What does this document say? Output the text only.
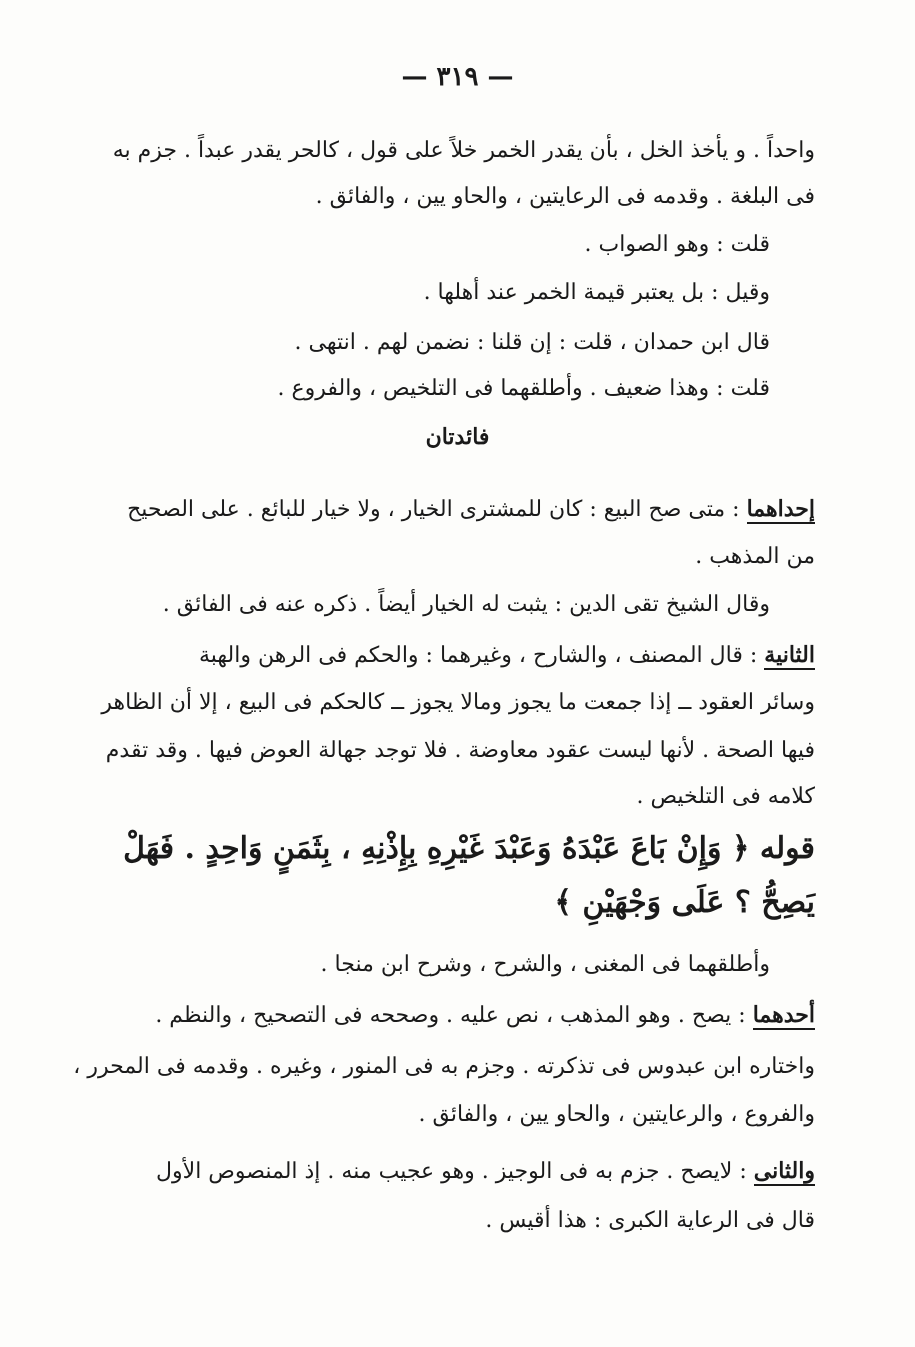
— ٣١٩ —
واحداً . و يأخذ الخل ، بأن يقدر الخمر خلاً على قول ، كالحر يقدر عبداً . جزم به
فى البلغة . وقدمه فى الرعايتين ، والحاو يين ، والفائق .
قلت : وهو الصواب .
وقيل : بل يعتبر قيمة الخمر عند أهلها .
قال ابن حمدان ، قلت : إن قلنا : نضمن لهم . انتهى .
قلت : وهذا ضعيف . وأطلقهما فى التلخيص ، والفروع .
فائدتان
إحداهما : متى صح البيع : كان للمشترى الخيار ، ولا خيار للبائع . على الصحيح
من المذهب .
وقال الشيخ تقى الدين : يثبت له الخيار أيضاً . ذكره عنه فى الفائق .
الثانية : قال المصنف ، والشارح ، وغيرهما : والحكم فى الرهن والهبة
وسائر العقود ــ إذا جمعت ما يجوز ومالا يجوز ــ كالحكم فى البيع ، إلا أن الظاهر
فيها الصحة . لأنها ليست عقود معاوضة . فلا توجد جهالة العوض فيها . وقد تقدم
كلامه فى التلخيص .
قوله ﴿ وَإِنْ بَاعَ عَبْدَهُ وَعَبْدَ غَيْرِهِ بِإِذْنِهِ ، بِثَمَنٍ وَاحِدٍ . فَهَلْ
يَصِحُّ ؟ عَلَى وَجْهَيْنِ ﴾
وأطلقهما فى المغنى ، والشرح ، وشرح ابن منجا .
أحدهما : يصح . وهو المذهب ، نص عليه . وصححه فى التصحيح ، والنظم .
واختاره ابن عبدوس فى تذكرته . وجزم به فى المنور ، وغيره . وقدمه فى المحرر ،
والفروع ، والرعايتين ، والحاو يين ، والفائق .
والثانى : لايصح . جزم به فى الوجيز . وهو عجيب منه . إذ المنصوص الأول
قال فى الرعاية الكبرى : هذا أقيس .
